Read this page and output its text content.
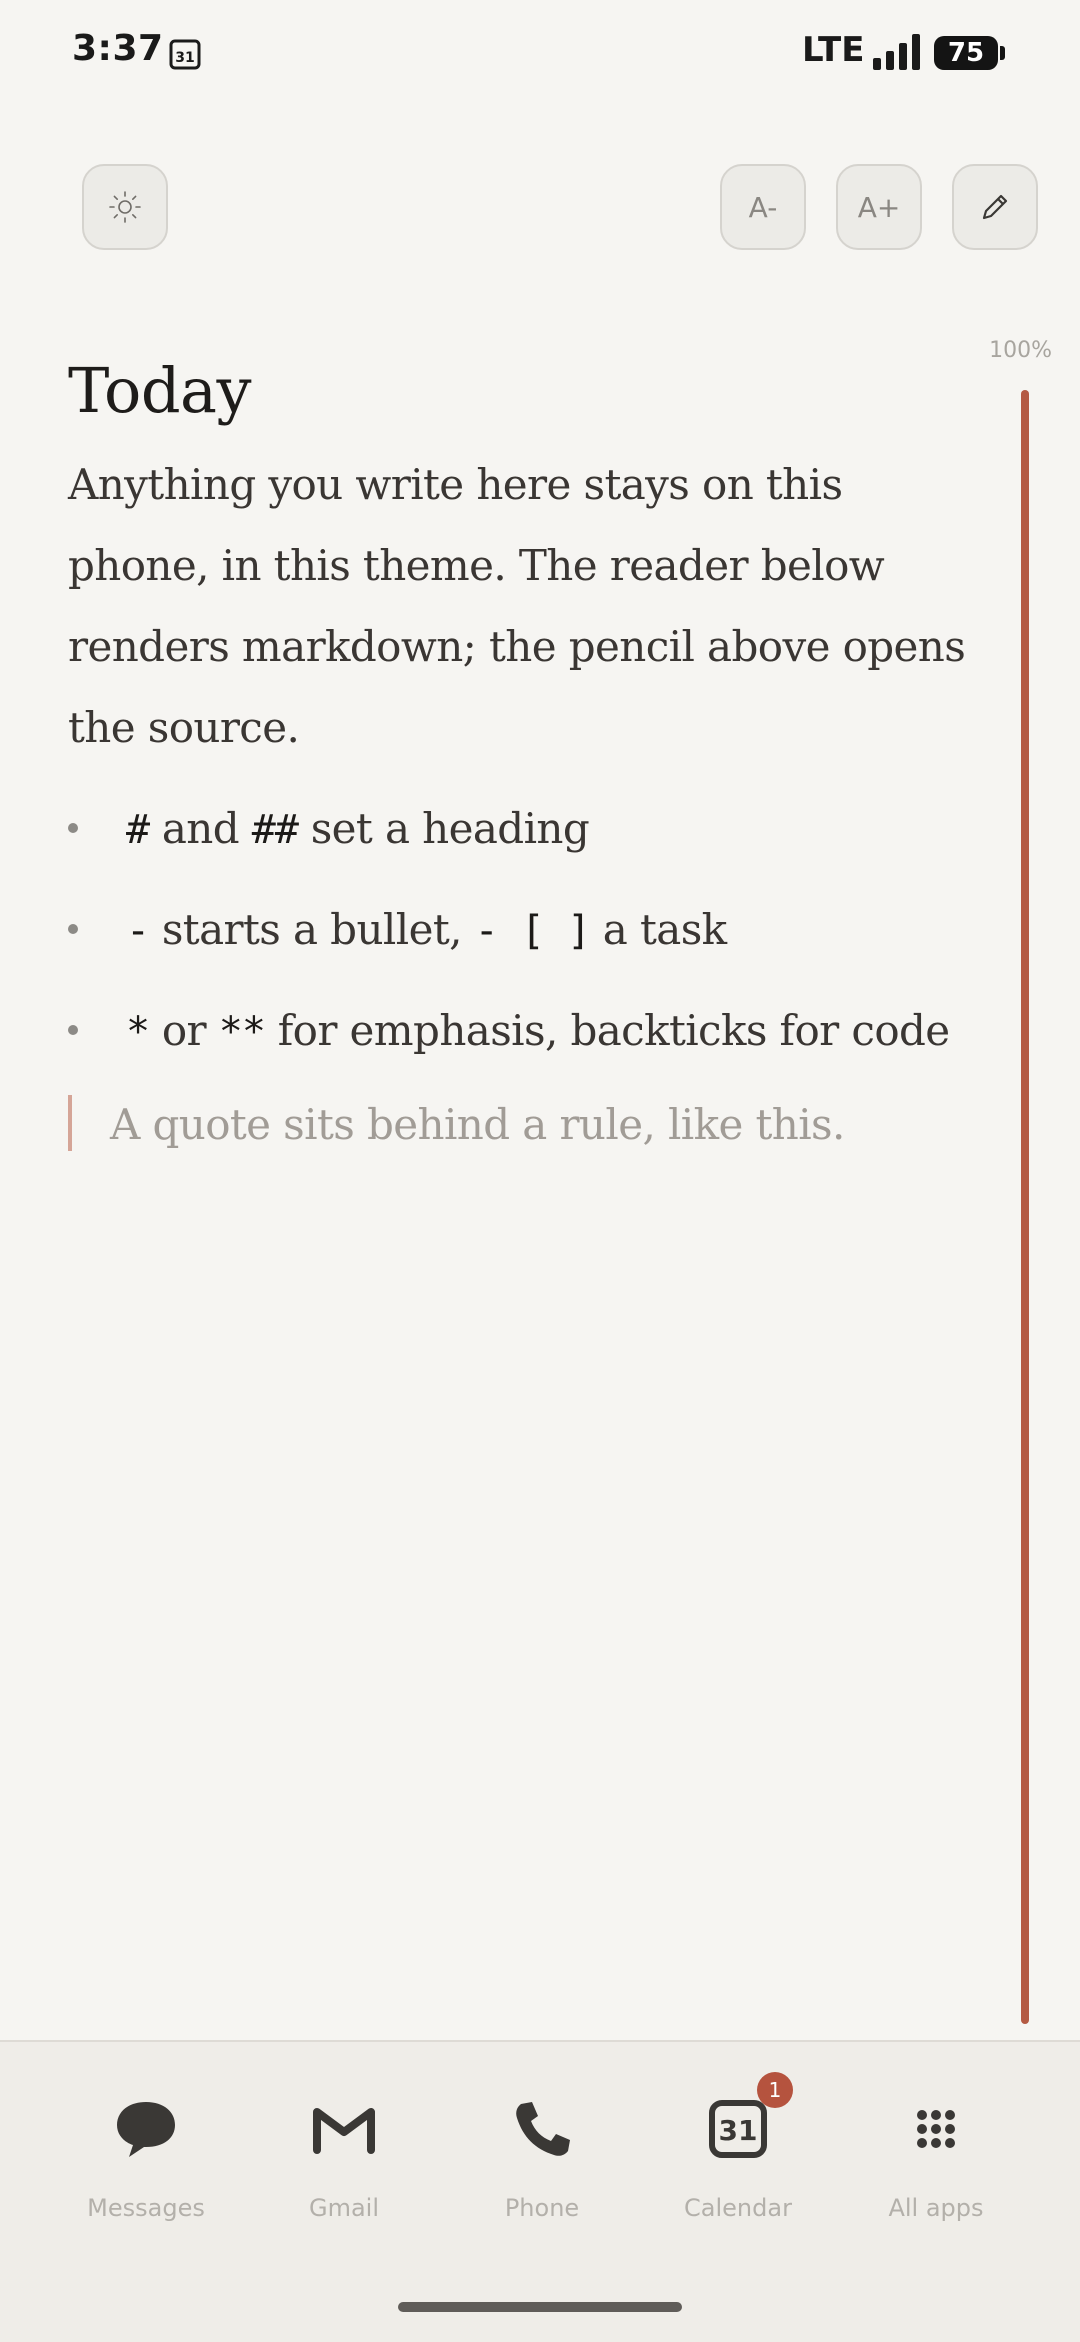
3:37 31	LTE	75
A-	A+
100%
Today

Anything you write here stays on this phone, in this theme. The reader below renders markdown; the pencil above opens the source.

# and ## set a heading
- starts a bullet, - [ ] a task
* or ** for emphasis, backticks for code
A quote sits behind a rule, like this.
Messages	Gmail	Phone
31
1
Calendar	All apps
